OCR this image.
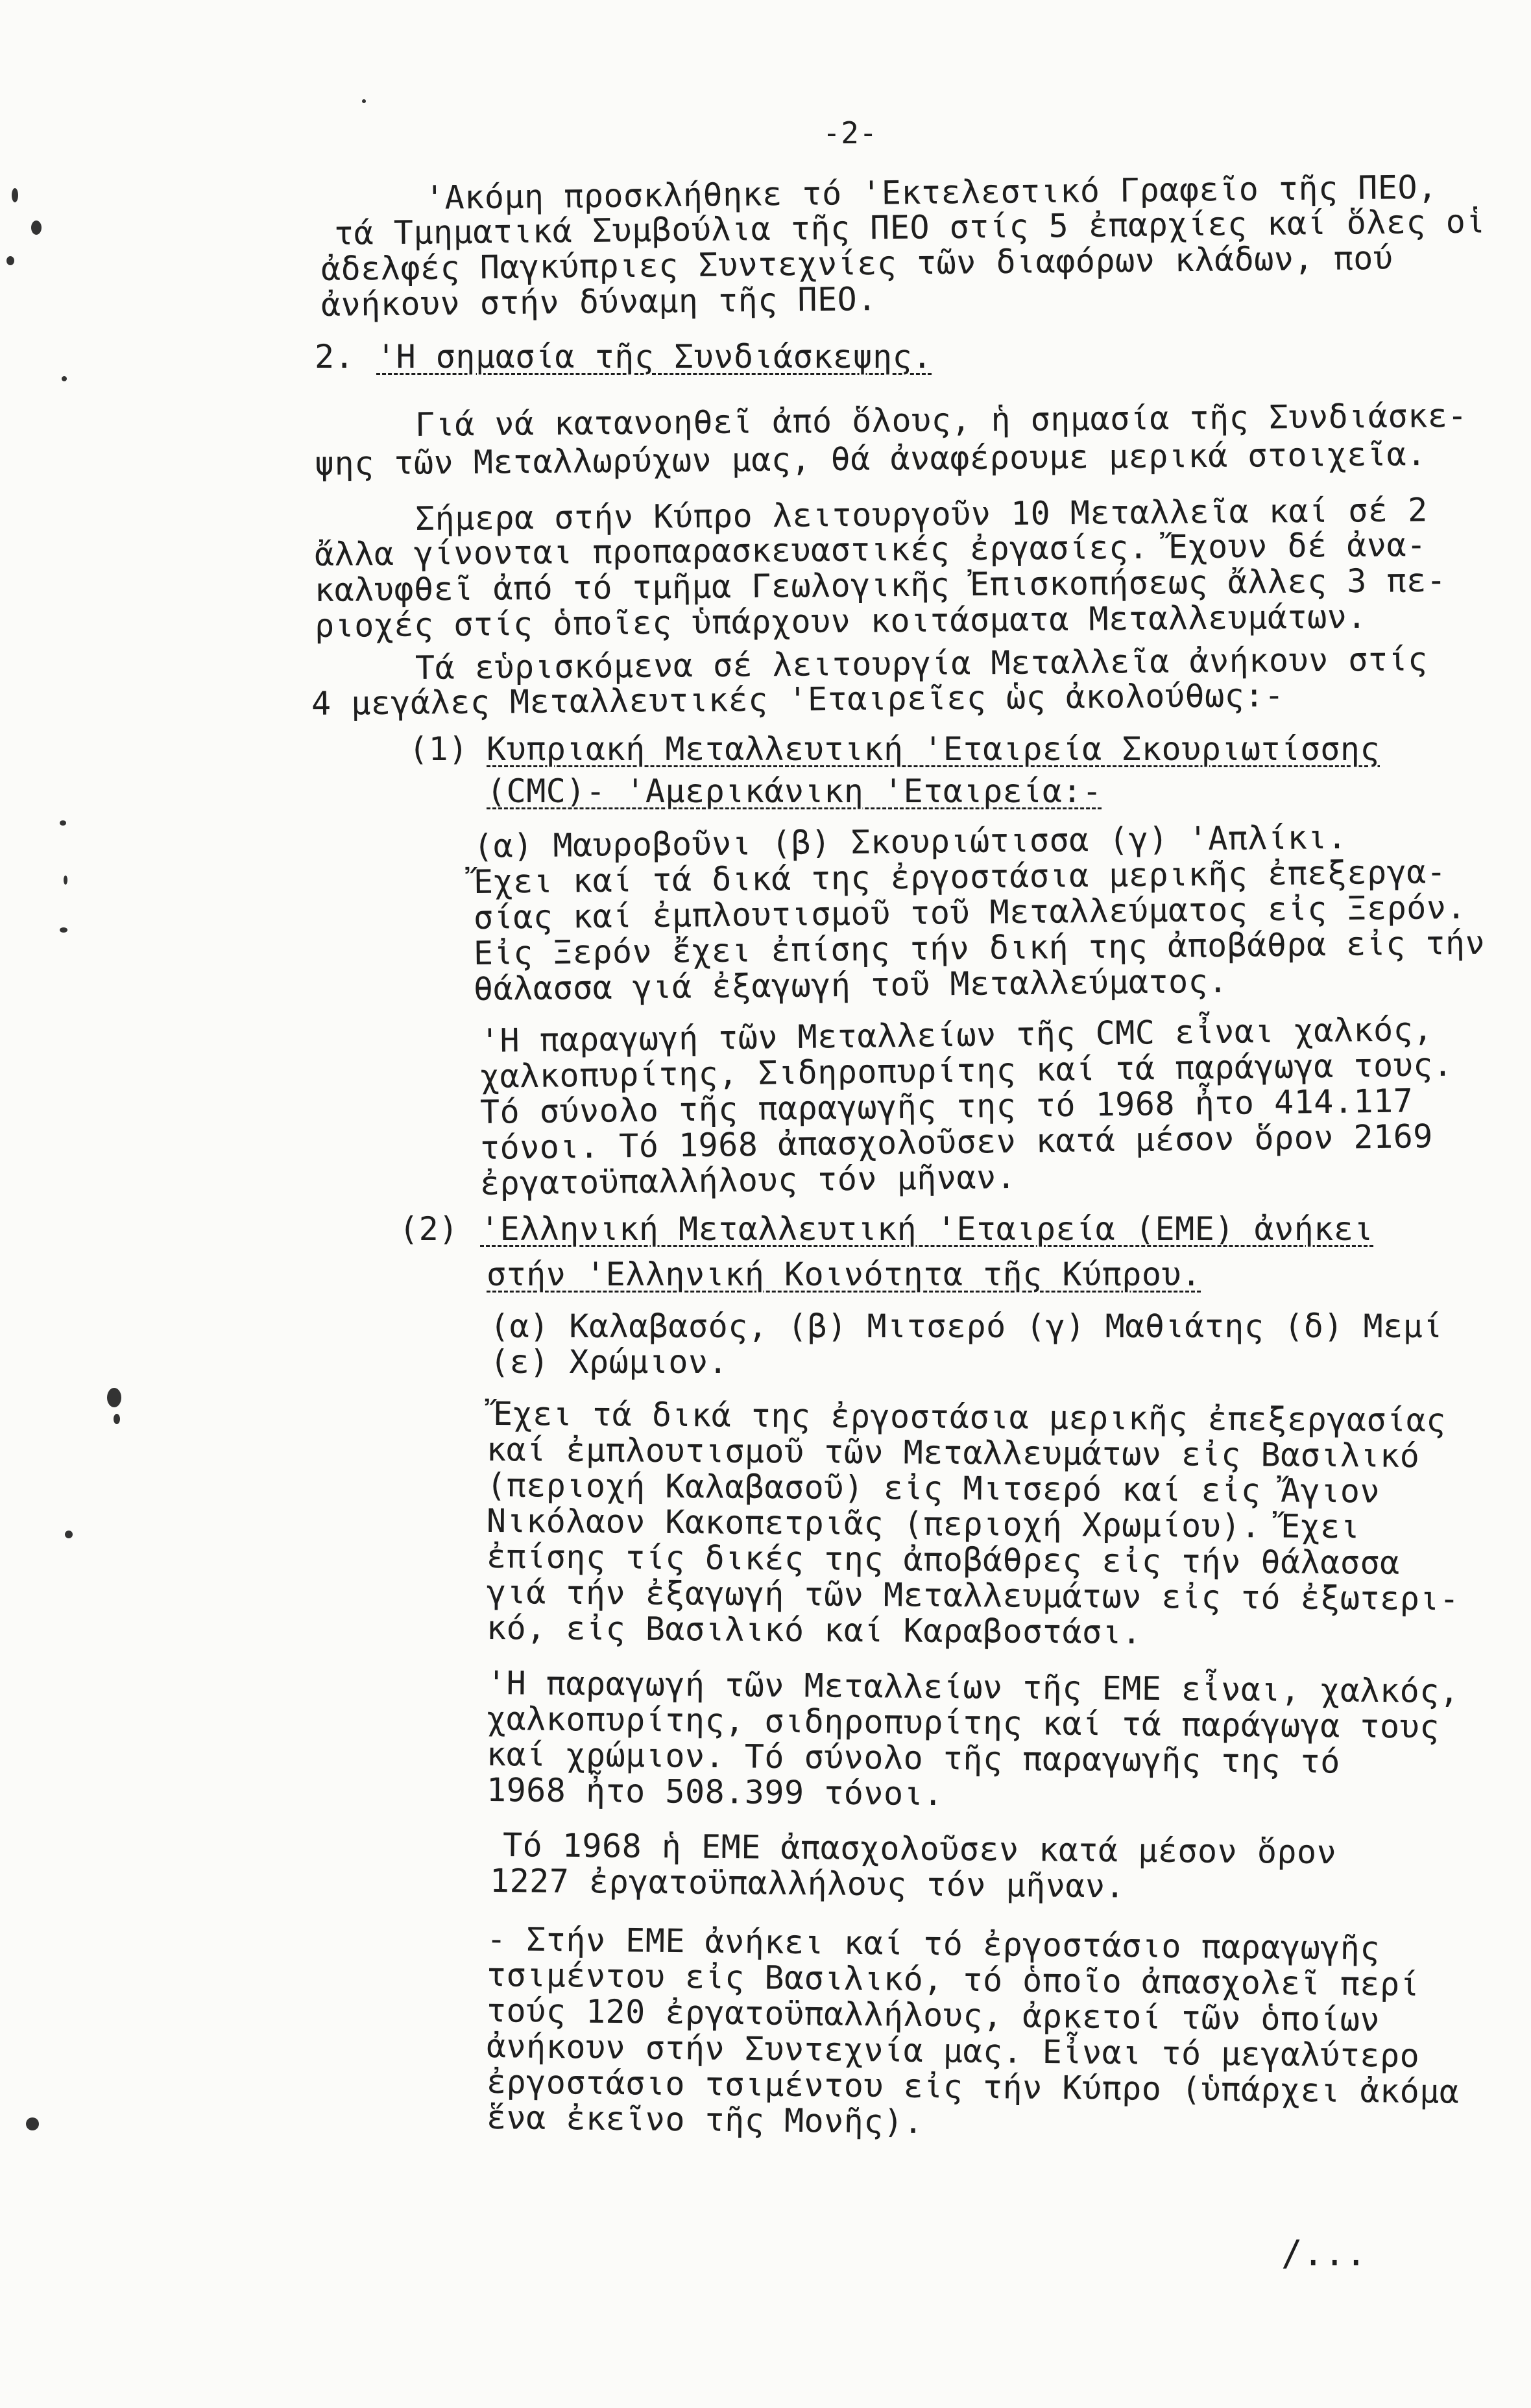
-2-
'Ακόμη προσκλήθηκε τό 'Εκτελεστικό Γραφεῖο τῆς ΠΕΟ,
τά Τμηματικά Συμβούλια τῆς ΠΕΟ στίς 5 ἐπαρχίες καί ὅλες οἱ
ἀδελφές Παγκύπριες Συντεχνίες τῶν διαφόρων κλάδων, πού
ἀνήκουν στήν δύναμη τῆς ΠΕΟ.
2. 'Η σημασία τῆς Συνδιάσκεψης.
Γιά νά κατανοηθεῖ ἀπό ὅλους, ἡ σημασία τῆς Συνδιάσκε-
ψης τῶν Μεταλλωρύχων μας, θά ἀναφέρουμε μερικά στοιχεῖα.
Σήμερα στήν Κύπρο λειτουργοῦν 10 Μεταλλεῖα καί σέ 2
ἄλλα γίνονται προπαρασκευαστικές ἐργασίες. Ἔχουν δέ ἀνα-
καλυφθεῖ ἀπό τό τμῆμα Γεωλογικῆς Ἐπισκοπήσεως ἄλλες 3 πε-
ριοχές στίς ὁποῖες ὑπάρχουν κοιτάσματα Μεταλλευμάτων.
Τά εὑρισκόμενα σέ λειτουργία Μεταλλεῖα ἀνήκουν στίς
4 μεγάλες Μεταλλευτικές 'Εταιρεῖες ὡς ἀκολούθως:-
(1) Κυπριακή Μεταλλευτική 'Εταιρεία Σκουριωτίσσης
(CMC)- 'Αμερικάνικη 'Εταιρεία:-
(α) Μαυροβοῦνι (β) Σκουριώτισσα (γ) 'Απλίκι.
Ἔχει καί τά δικά της ἐργοστάσια μερικῆς ἐπεξεργα-
σίας καί ἐμπλουτισμοῦ τοῦ Μεταλλεύματος εἰς Ξερόν.
Εἰς Ξερόν ἔχει ἐπίσης τήν δική της ἀποβάθρα εἰς τήν
θάλασσα γιά ἐξαγωγή τοῦ Μεταλλεύματος.
'Η παραγωγή τῶν Μεταλλείων τῆς CMC εἶναι χαλκός,
χαλκοπυρίτης, Σιδηροπυρίτης καί τά παράγωγα τους.
Τό σύνολο τῆς παραγωγῆς της τό 1968 ἦτο 414.117
τόνοι. Τό 1968 ἀπασχολοῦσεν κατά μέσον ὅρον 2169
ἐργατοϋπαλλήλους τόν μῆναν.
(2) 'Ελληνική Μεταλλευτική 'Εταιρεία (ΕΜΕ) ἀνήκει
στήν 'Ελληνική Κοινότητα τῆς Κύπρου.
(α) Καλαβασός, (β) Μιτσερό (γ) Μαθιάτης (δ) Μεμί
(ε) Χρώμιον.
Ἔχει τά δικά της ἐργοστάσια μερικῆς ἐπεξεργασίας
καί ἐμπλουτισμοῦ τῶν Μεταλλευμάτων εἰς Βασιλικό
(περιοχή Καλαβασοῦ) εἰς Μιτσερό καί εἰς Ἄγιον
Νικόλαον Κακοπετριᾶς (περιοχή Χρωμίου). Ἔχει
ἐπίσης τίς δικές της ἀποβάθρες εἰς τήν θάλασσα
γιά τήν ἐξαγωγή τῶν Μεταλλευμάτων εἰς τό ἐξωτερι-
κό, εἰς Βασιλικό καί Καραβοστάσι.
'Η παραγωγή τῶν Μεταλλείων τῆς ΕΜΕ εἶναι, χαλκός,
χαλκοπυρίτης, σιδηροπυρίτης καί τά παράγωγα τους
καί χρώμιον. Τό σύνολο τῆς παραγωγῆς της τό
1968 ἦτο 508.399 τόνοι.
Τό 1968 ἡ ΕΜΕ ἀπασχολοῦσεν κατά μέσον ὅρον
1227 ἐργατοϋπαλλήλους τόν μῆναν.
- Στήν ΕΜΕ ἀνήκει καί τό ἐργοστάσιο παραγωγῆς
τσιμέντου εἰς Βασιλικό, τό ὁποῖο ἀπασχολεῖ περί
τούς 120 ἐργατοϋπαλλήλους, ἀρκετοί τῶν ὁποίων
ἀνήκουν στήν Συντεχνία μας. Εἶναι τό μεγαλύτερο
ἐργοστάσιο τσιμέντου εἰς τήν Κύπρο (ὑπάρχει ἀκόμα
ἕνα ἐκεῖνο τῆς Μονῆς).
/...
